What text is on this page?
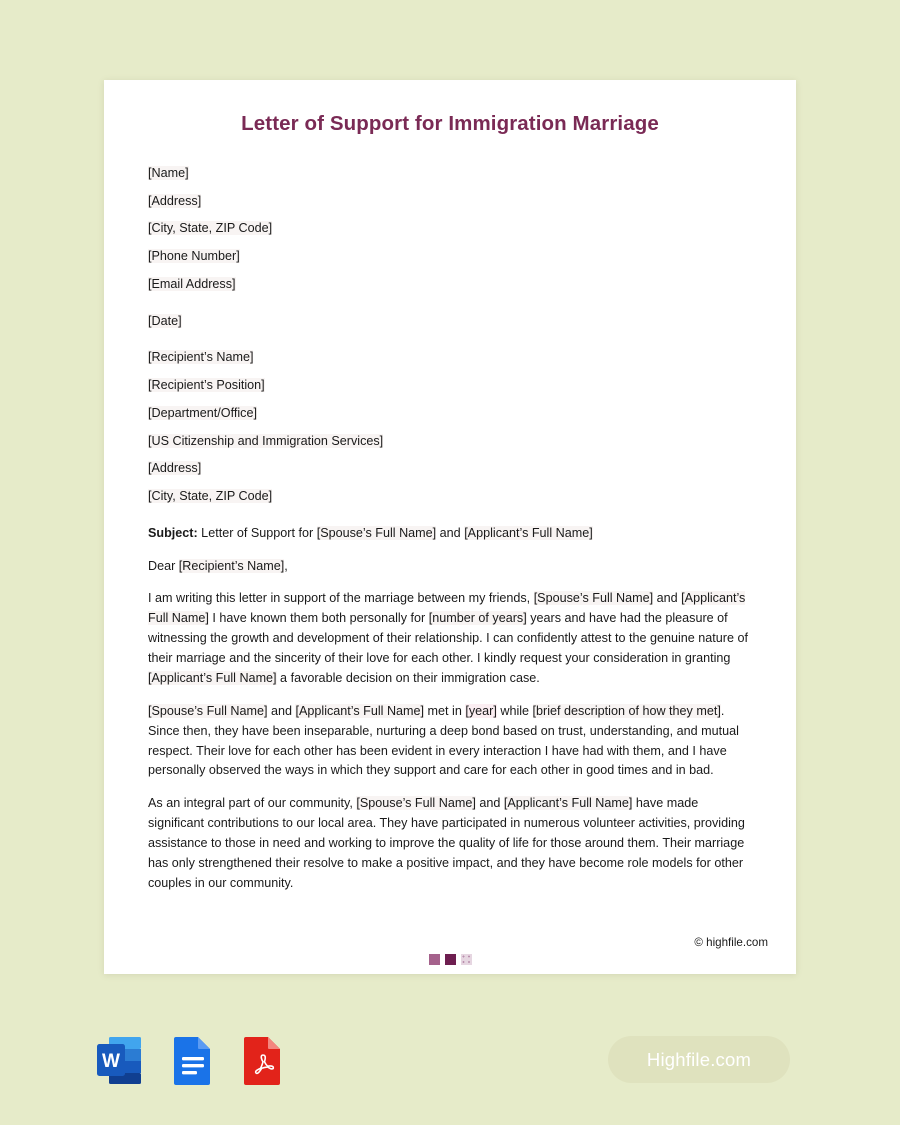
Letter of Support for Immigration Marriage
[Name]
[Address]
[City, State, ZIP Code]
[Phone Number]
[Email Address]
[Date]
[Recipient’s Name]
[Recipient’s Position]
[Department/Office]
[US Citizenship and Immigration Services]
[Address]
[City, State, ZIP Code]
Subject: Letter of Support for [Spouse’s Full Name] and [Applicant’s Full Name]
Dear [Recipient’s Name],

I am writing this letter in support of the marriage between my friends, [Spouse’s Full Name] and [Applicant’s Full Name] I have known them both personally for [number of years] years and have had the pleasure of witnessing the growth and development of their relationship. I can confidently attest to the genuine nature of their marriage and the sincerity of their love for each other. I kindly request your consideration in granting [Applicant’s Full Name] a favorable decision on their immigration case.

[Spouse’s Full Name] and [Applicant’s Full Name] met in [year] while [brief description of how they met]. Since then, they have been inseparable, nurturing a deep bond based on trust, understanding, and mutual respect. Their love for each other has been evident in every interaction I have had with them, and I have personally observed the ways in which they support and care for each other in good times and in bad.

As an integral part of our community, [Spouse’s Full Name] and [Applicant’s Full Name] have made significant contributions to our local area. They have participated in numerous volunteer activities, providing assistance to those in need and working to improve the quality of life for those around them. Their marriage has only strengthened their resolve to make a positive impact, and they have become role models for other couples in our community.

© highfile.com
W	Highfile.com
